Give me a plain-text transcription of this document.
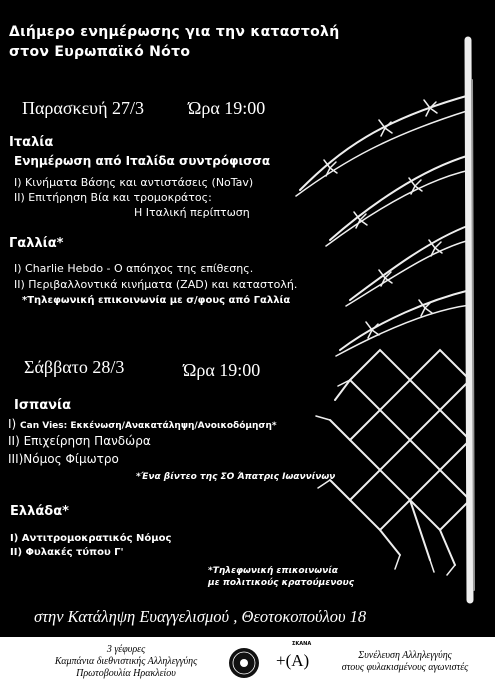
Διήμερο ενημέρωσης για την καταστολή
στον Ευρωπαϊκό Νότο
Παρασκευή 27/3 Ώρα 19:00
Ιταλία
Ενημέρωση από Ιταλίδα συντρόφισσα
I) Κινήματα Βάσης και αντιστάσεις (NoTav)
II) Επιτήρηση Βία και τρομοκράτος:
Η Ιταλική περίπτωση
Γαλλία*
I) Charlie Hebdo - Ο απόηχος της επίθεσης.
II) Περιβαλλοντικά κινήματα (ZAD) και καταστολή.
*Τηλεφωνική επικοινωνία με σ/φους από Γαλλία
Σάββατο 28/3	Ώρα 19:00
Ισπανία
I) Can Vies: Εκκένωση/Ανακατάληψη/Ανοικοδόμηση*
II) Επιχείρηση Πανδώρα
III)Νόμος Φίμωτρο
*Ένα βίντεο της ΣΟ Άπατρις Ιωαννίνων
Ελλάδα*
I) Αντιτρομοκρατικός Νόμος
II) Φυλακές τύπου Γ'
*Τηλεφωνική επικοινωνία
με πολιτικούς κρατούμενους
στην Κατάληψη Ευαγγελισμού , Θεοτοκοπούλου 18
3 γέφυρες
Καμπάνια διεθνιστικής Αλληλεγγύης
Πρωτοβουλία Ηρακλείου
+(A)
ΣΚΑΝΑ
Συνέλευση Αλληλεγγύης
στους φυλακισμένους αγωνιστές
